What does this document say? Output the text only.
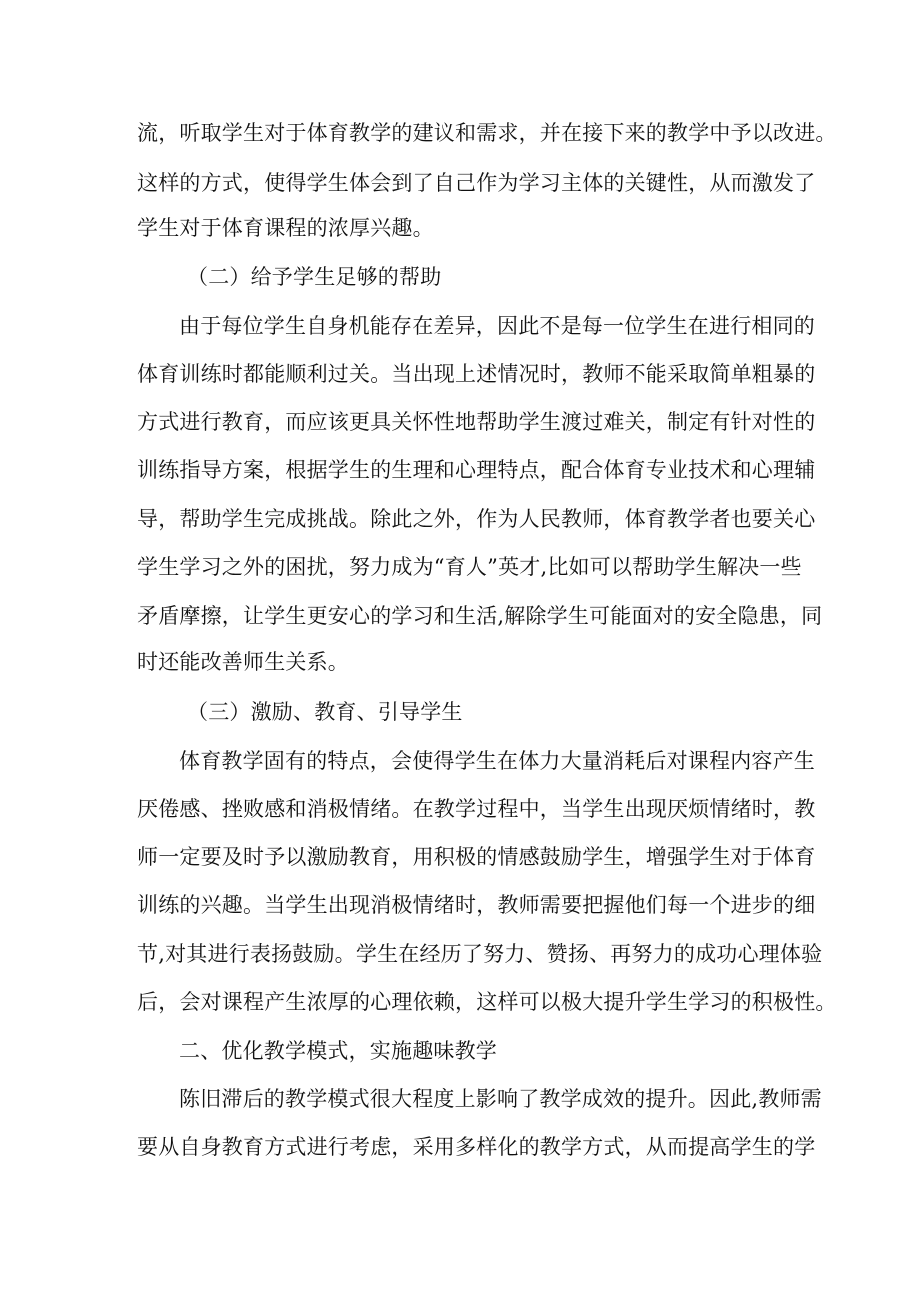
流，听取学生对于体育教学的建议和需求，并在接下来的教学中予以改进。
这样的方式，使得学生体会到了自己作为学习主体的关键性，从而激发了
学生对于体育课程的浓厚兴趣。
（二）给予学生足够的帮助
由于每位学生自身机能存在差异，因此不是每一位学生在进行相同的
体育训练时都能顺利过关。当出现上述情况时，教师不能采取简单粗暴的
方式进行教育，而应该更具关怀性地帮助学生渡过难关，制定有针对性的
训练指导方案，根据学生的生理和心理特点，配合体育专业技术和心理辅
导，帮助学生完成挑战。除此之外，作为人民教师，体育教学者也要关心
学生学习之外的困扰，努力成为“育人”英才,比如可以帮助学生解决一些
矛盾摩擦，让学生更安心的学习和生活,解除学生可能面对的安全隐患，同
时还能改善师生关系。
（三）激励、教育、引导学生
体育教学固有的特点，会使得学生在体力大量消耗后对课程内容产生
厌倦感、挫败感和消极情绪。在教学过程中，当学生出现厌烦情绪时，教
师一定要及时予以激励教育，用积极的情感鼓励学生，增强学生对于体育
训练的兴趣。当学生出现消极情绪时，教师需要把握他们每一个进步的细
节,对其进行表扬鼓励。学生在经历了努力、赞扬、再努力的成功心理体验
后，会对课程产生浓厚的心理依赖，这样可以极大提升学生学习的积极性。
二、优化教学模式，实施趣味教学
陈旧滞后的教学模式很大程度上影响了教学成效的提升。因此,教师需
要从自身教育方式进行考虑，采用多样化的教学方式，从而提高学生的学
